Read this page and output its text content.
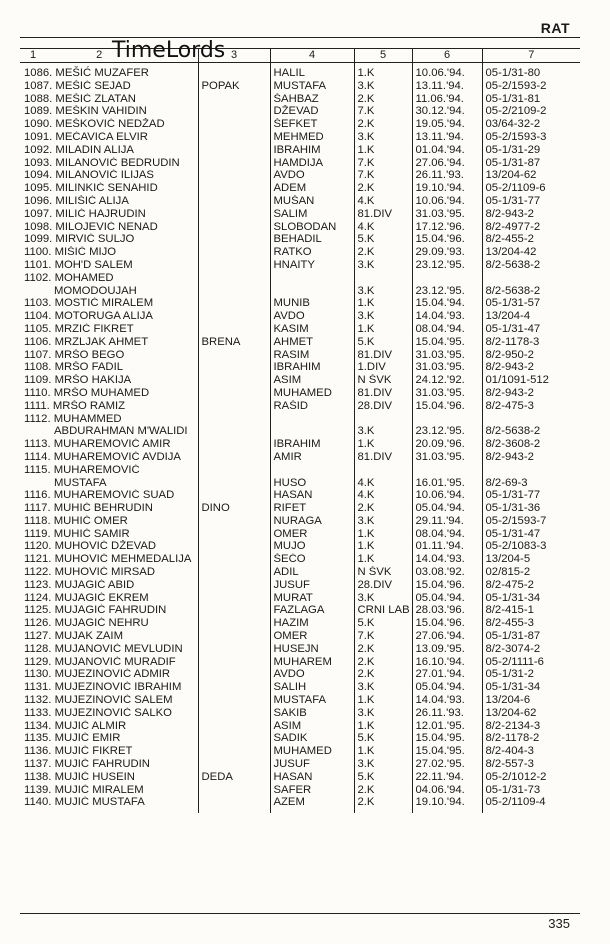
RAT
1 2	3	4	5	6	7
1086. MEŠIĆ MUZAFER		HALIL	1.K	10.06.'94.	05-1/31-80
1087. MEŠIĆ SEJAD	POPAK	MUSTAFA	3.K	13.11.'94.	05-2/1593-2
1088. MEŠIĆ ZLATAN		ŠAHBAZ	2.K	11.06.'94.	05-1/31-81
1089. MEŠKIN VAHIDIN		DŽEVAD	7.K	30.12.'94.	05-2/2109-2
1090. MEŠKOVIĆ NEDŽAD		ŠEFKET	2.K	19.05.'94.	03/64-32-2
1091. MEĆAVICA ELVIR		MEHMED	3.K	13.11.'94.	05-2/1593-3
1092. MILADIN ALIJA		IBRAHIM	1.K	01.04.'94.	05-1/31-29
1093. MILANOVIĆ BEDRUDIN		HAMDIJA	7.K	27.06.'94.	05-1/31-87
1094. MILANOVIĆ ILIJAS		AVDO	7.K	26.11.'93.	13/204-62
1095. MILINKIĆ SENAHID		ADEM	2.K	19.10.'94.	05-2/1109-6
1096. MILIŠIĆ ALIJA		MUŠAN	4.K	10.06.'94.	05-1/31-77
1097. MILIĆ HAJRUDIN		SALIM	81.DIV	31.03.'95.	8/2-943-2
1098. MILOJEVIĆ NENAD		SLOBODAN	4.K	17.12.'96.	8/2-4977-2
1099. MIRVIĆ SULJO		BEHADIL	5.K	15.04.'96.	8/2-455-2
1100. MIŠIĆ MIJO		RATKO	2.K	29.09.'93.	13/204-42
1101. MOH'D SALEM		HNAITY	3.K	23.12.'95.	8/2-5638-2
1102. MOHAMED					
MOMODOUJAH			3.K	23.12.'95.	8/2-5638-2
1103. MOSTIĆ MIRALEM		MUNIB	1.K	15.04.'94.	05-1/31-57
1104. MOTORUGA ALIJA		AVDO	3.K	14.04.'93.	13/204-4
1105. MRZIĆ FIKRET		KASIM	1.K	08.04.'94.	05-1/31-47
1106. MRZLJAK AHMET	BRENA	AHMET	5.K	15.04.'95.	8/2-1178-3
1107. MRŠO BEGO		RASIM	81.DIV	31.03.'95.	8/2-950-2
1108. MRŠO FADIL		IBRAHIM	1.DIV	31.03.'95.	8/2-943-2
1109. MRŠO HAKIJA		ASIM	N ŠVK	24.12.'92.	01/1091-512
1110. MRŠO MUHAMED		MUHAMED	81.DIV	31.03.'95.	8/2-943-2
1111. MRŠO RAMIZ		RAŠID	28.DIV	15.04.'96.	8/2-475-3
1112. MUHAMMED					
ABDURAHMAN M'WALIDI			3.K	23.12.'95.	8/2-5638-2
1113. MUHAREMOVIĆ AMIR		IBRAHIM	1.K	20.09.'96.	8/2-3608-2
1114. MUHAREMOVIĆ AVDIJA		AMIR	81.DIV	31.03.'95.	8/2-943-2
1115. MUHAREMOVIĆ					
MUSTAFA		HUSO	4.K	16.01.'95.	8/2-69-3
1116. MUHAREMOVIĆ SUAD		HASAN	4.K	10.06.'94.	05-1/31-77
1117. MUHIĆ BEHRUDIN	DINO	RIFET	2.K	05.04.'94.	05-1/31-36
1118. MUHIĆ OMER		NURAGA	3.K	29.11.'94.	05-2/1593-7
1119. MUHIĆ SAMIR		OMER	1.K	08.04.'94.	05-1/31-47
1120. MUHOVIĆ DŽEVAD		MUJO	1.K	01.11.'94.	05-2/1083-3
1121. MUHOVIĆ MEHMEDALIJA		ŠEĆO	1.K	14.04.'93.	13/204-5
1122. MUHOVIĆ MIRSAD		ADIL	N ŠVK	03.08.'92.	02/815-2
1123. MUJAGIĆ ABID		JUSUF	28.DIV	15.04.'96.	8/2-475-2
1124. MUJAGIĆ EKREM		MURAT	3.K	05.04.'94.	05-1/31-34
1125. MUJAGIĆ FAHRUDIN		FAZLAGA	CRNI LAB	28.03.'96.	8/2-415-1
1126. MUJAGIĆ NEHRU		HAZIM	5.K	15.04.'96.	8/2-455-3
1127. MUJAK ZAIM		OMER	7.K	27.06.'94.	05-1/31-87
1128. MUJANOVIĆ MEVLUDIN		HUSEJN	2.K	13.09.'95.	8/2-3074-2
1129. MUJANOVIĆ MURADIF		MUHAREM	2.K	16.10.'94.	05-2/1111-6
1130. MUJEZINOVIĆ ADMIR		AVDO	2.K	27.01.'94.	05-1/31-2
1131. MUJEZINOVIĆ IBRAHIM		SALIH	3.K	05.04.'94.	05-1/31-34
1132. MUJEZINOVIĆ SALEM		MUSTAFA	1.K	14.04.'93.	13/204-6
1133. MUJEZINOVIĆ SALKO		SAKIB	3.K	26.11.'93.	13/204-62
1134. MUJIĆ ALMIR		ASIM	1.K	12.01.'95.	8/2-2134-3
1135. MUJIĆ EMIR		SADIK	5.K	15.04.'95.	8/2-1178-2
1136. MUJIĆ FIKRET		MUHAMED	1.K	15.04.'95.	8/2-404-3
1137. MUJIĆ FAHRUDIN		JUSUF	3.K	27.02.'95.	8/2-557-3
1138. MUJIĆ HUSEIN	DEDA	HASAN	5.K	22.11.'94.	05-2/1012-2
1139. MUJIĆ MIRALEM		SAFER	2.K	04.06.'94.	05-1/31-73
1140. MUJIĆ MUSTAFA		AZEM	2.K	19.10.'94.	05-2/1109-4
TimeLords
335
